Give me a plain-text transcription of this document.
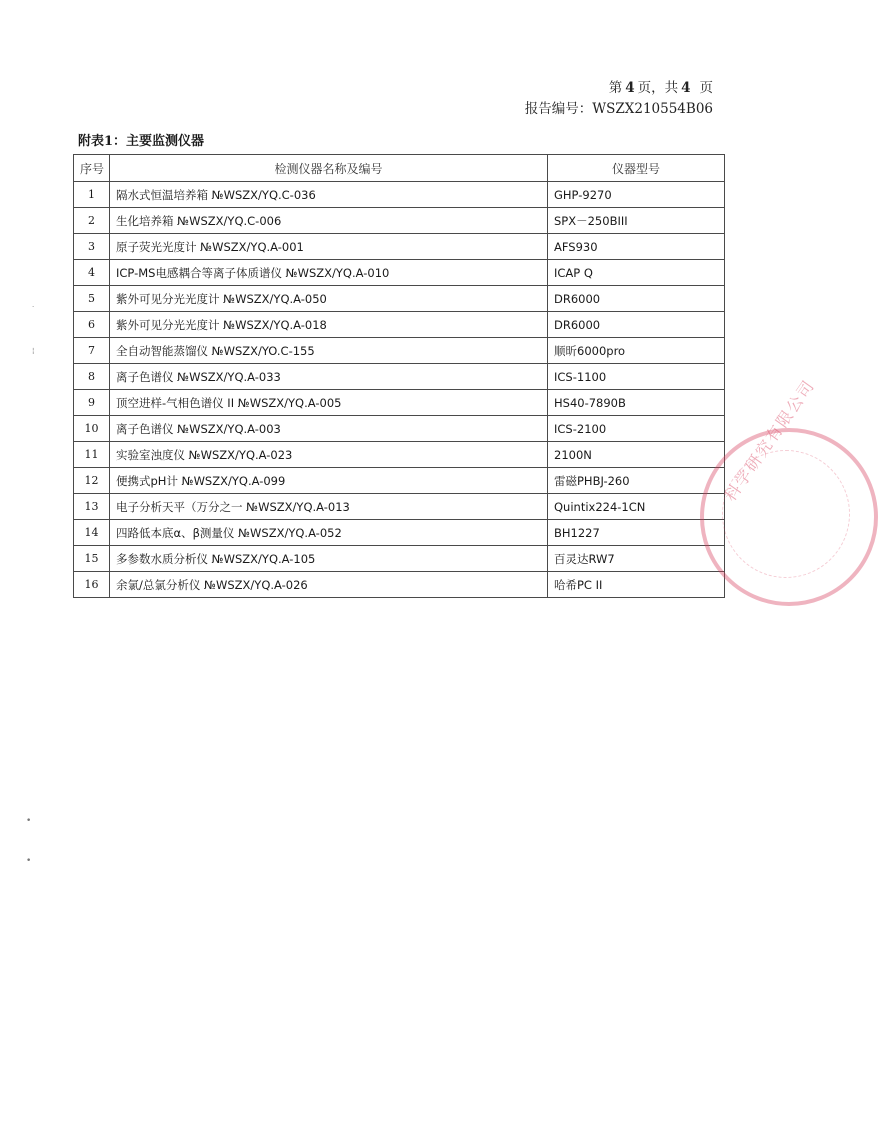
第 4 页，共 4 页
报告编号：WSZX210554B06
附表1：主要监测仪器
序号	检测仪器名称及编号	仪器型号
1	隔水式恒温培养箱 №WSZX/YQ.C-036	GHP-9270
2	生化培养箱 №WSZX/YQ.C-006	SPX－250BIII
3	原子荧光光度计 №WSZX/YQ.A-001	AFS930
4	ICP-MS电感耦合等离子体质谱仪 №WSZX/YQ.A-010	ICAP Q
5	紫外可见分光光度计 №WSZX/YQ.A-050	DR6000
6	紫外可见分光光度计 №WSZX/YQ.A-018	DR6000
7	全自动智能蒸馏仪 №WSZX/YO.C-155	顺昕6000pro
8	离子色谱仪 №WSZX/YQ.A-033	ICS-1100
9	顶空进样-气相色谱仪 II №WSZX/YQ.A-005	HS40-7890B
10	离子色谱仪 №WSZX/YQ.A-003	ICS-2100
11	实验室浊度仪 №WSZX/YQ.A-023	2100N
12	便携式pH计 №WSZX/YQ.A-099	雷磁PHBJ-260
13	电子分析天平（万分之一 №WSZX/YQ.A-013	Quintix224-1CN
14	四路低本底α、β测量仪 №WSZX/YQ.A-052	BH1227
15	多参数水质分析仪 №WSZX/YQ.A-105	百灵达RW7
16	余氯/总氯分析仪 №WSZX/YQ.A-026	哈希PC II
科学研究有限公司
·
¦
•
•
